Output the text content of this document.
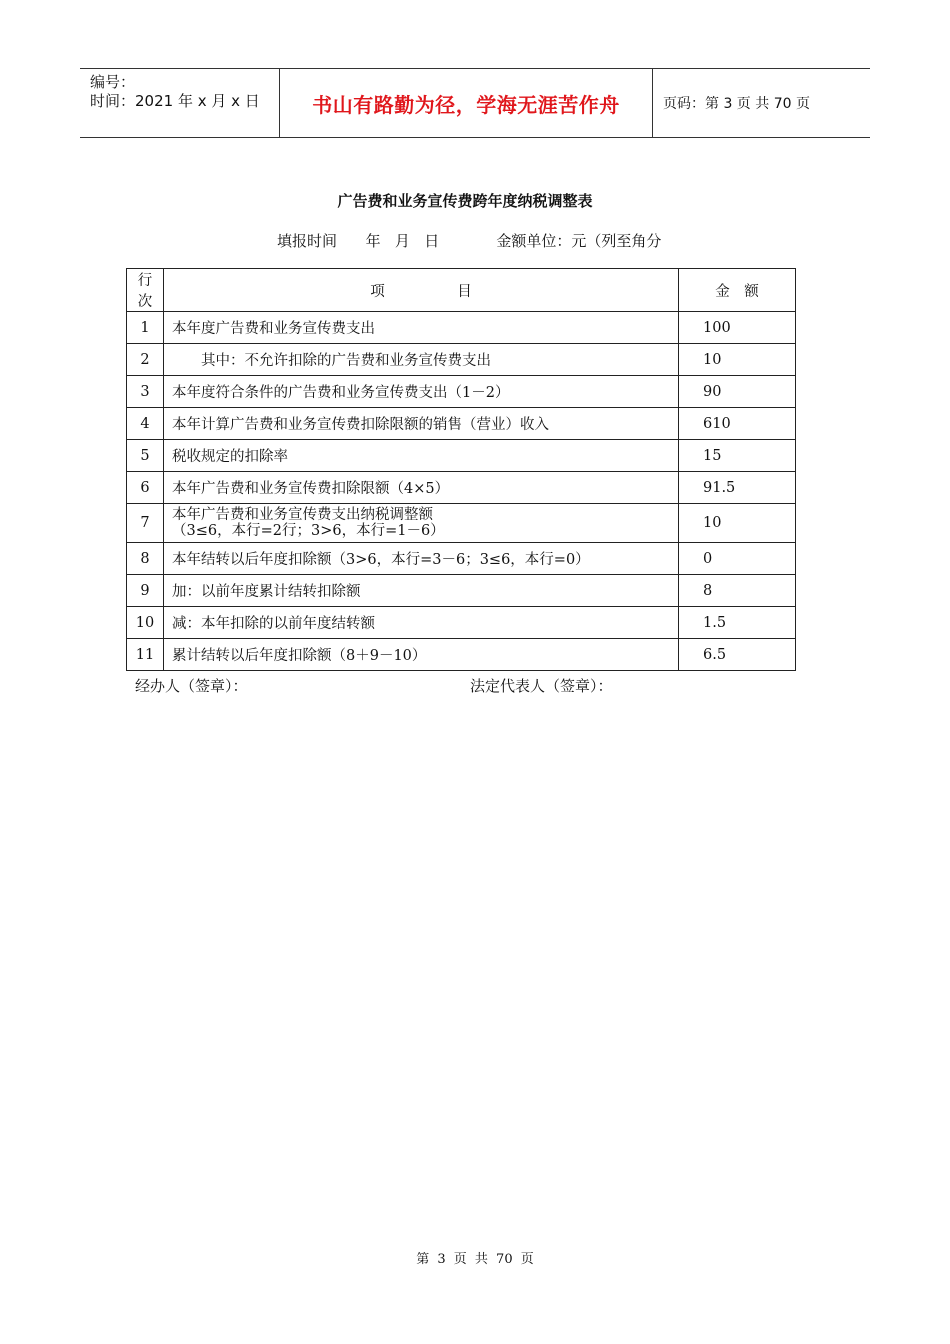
编号：
时间：2021 年 x 月 x 日	书山有路勤为径，学海无涯苦作舟	页码：第 3 页 共 70 页
广告费和业务宣传费跨年度纳税调整表
填报时间      年   月   日            金额单位：元（列至角分
行次	项　　　　　目	金　额
1	本年度广告费和业务宣传费支出	100
2	　　其中：不允许扣除的广告费和业务宣传费支出	10
3	本年度符合条件的广告费和业务宣传费支出（1－2）	90
4	本年计算广告费和业务宣传费扣除限额的销售（营业）收入	610
5	税收规定的扣除率	15
6	本年广告费和业务宣传费扣除限额（4×5）	91.5
7	本年广告费和业务宣传费支出纳税调整额
（3≤6，本行=2行；3>6，本行=1－6）	10
8	本年结转以后年度扣除额（3>6，本行=3－6；3≤6，本行=0）	0
9	加：以前年度累计结转扣除额	8
10	减：本年扣除的以前年度结转额	1.5
11	累计结转以后年度扣除额（8＋9－10）	6.5
经办人（签章）：	法定代表人（签章）：
第 3 页 共 70 页
